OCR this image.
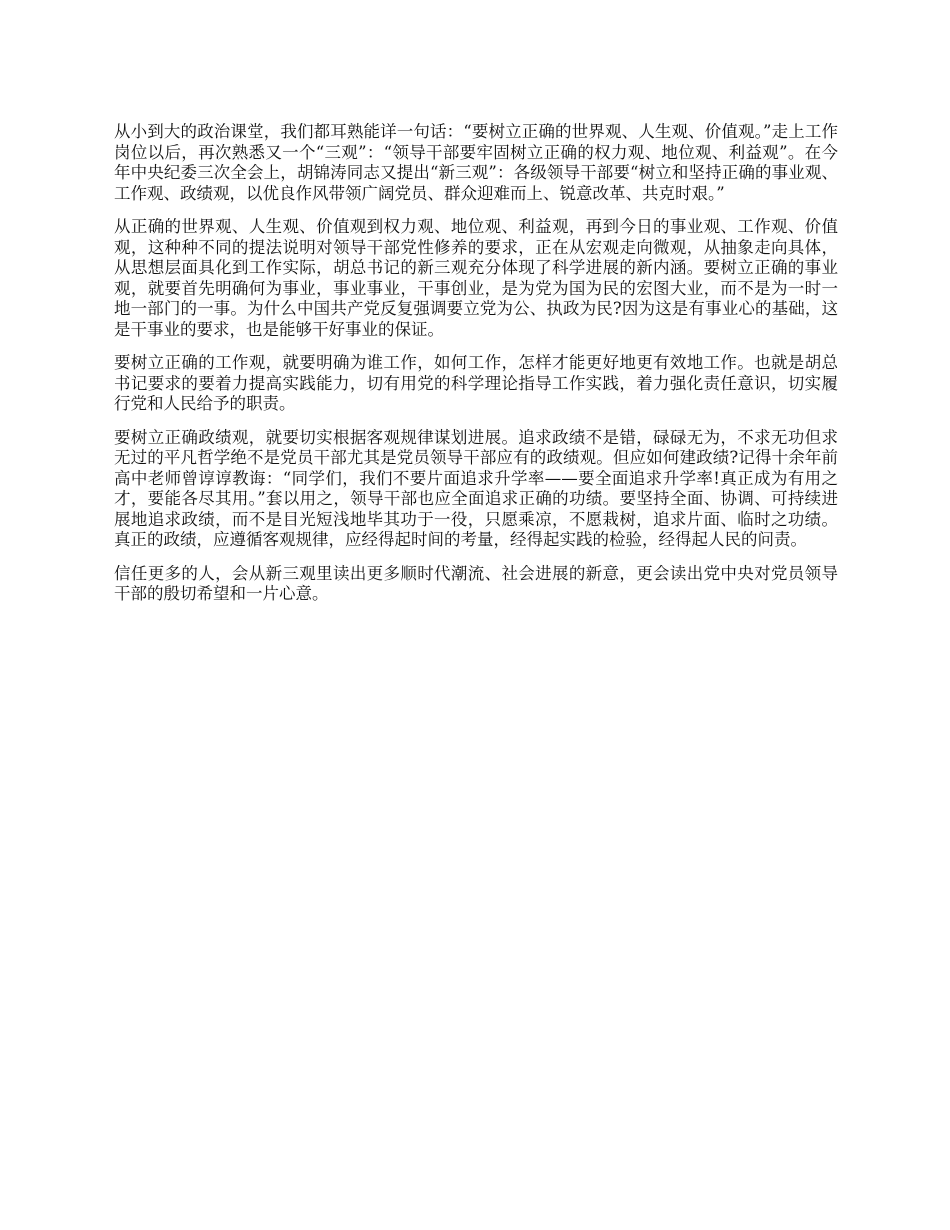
从小到大的政治课堂，我们都耳熟能详一句话：“要树立正确的世界观、人生观、价值观。”走上工作岗位以后，再次熟悉又一个“三观”：“领导干部要牢固树立正确的权力观、地位观、利益观”。在今年中央纪委三次全会上，胡锦涛同志又提出“新三观”：各级领导干部要“树立和坚持正确的事业观、工作观、政绩观，以优良作风带领广阔党员、群众迎难而上、锐意改革、共克时艰。”

从正确的世界观、人生观、价值观到权力观、地位观、利益观，再到今日的事业观、工作观、价值观，这种种不同的提法说明对领导干部党性修养的要求，正在从宏观走向微观，从抽象走向具体，从思想层面具化到工作实际，胡总书记的新三观充分体现了科学进展的新内涵。要树立正确的事业观，就要首先明确何为事业，事业事业，干事创业，是为党为国为民的宏图大业，而不是为一时一地一部门的一事。为什么中国共产党反复强调要立党为公、执政为民?因为这是有事业心的基础，这是干事业的要求，也是能够干好事业的保证。

要树立正确的工作观，就要明确为谁工作，如何工作，怎样才能更好地更有效地工作。也就是胡总书记要求的要着力提高实践能力，切有用党的科学理论指导工作实践，着力强化责任意识，切实履行党和人民给予的职责。

要树立正确政绩观，就要切实根据客观规律谋划进展。追求政绩不是错，碌碌无为，不求无功但求无过的平凡哲学绝不是党员干部尤其是党员领导干部应有的政绩观。但应如何建政绩?记得十余年前高中老师曾谆谆教诲：“同学们，我们不要片面追求升学率——要全面追求升学率!真正成为有用之才，要能各尽其用。”套以用之，领导干部也应全面追求正确的功绩。要坚持全面、协调、可持续进展地追求政绩，而不是目光短浅地毕其功于一役，只愿乘凉，不愿栽树，追求片面、临时之功绩。真正的政绩，应遵循客观规律，应经得起时间的考量，经得起实践的检验，经得起人民的问责。

信任更多的人，会从新三观里读出更多顺时代潮流、社会进展的新意，更会读出党中央对党员领导干部的殷切希望和一片心意。
